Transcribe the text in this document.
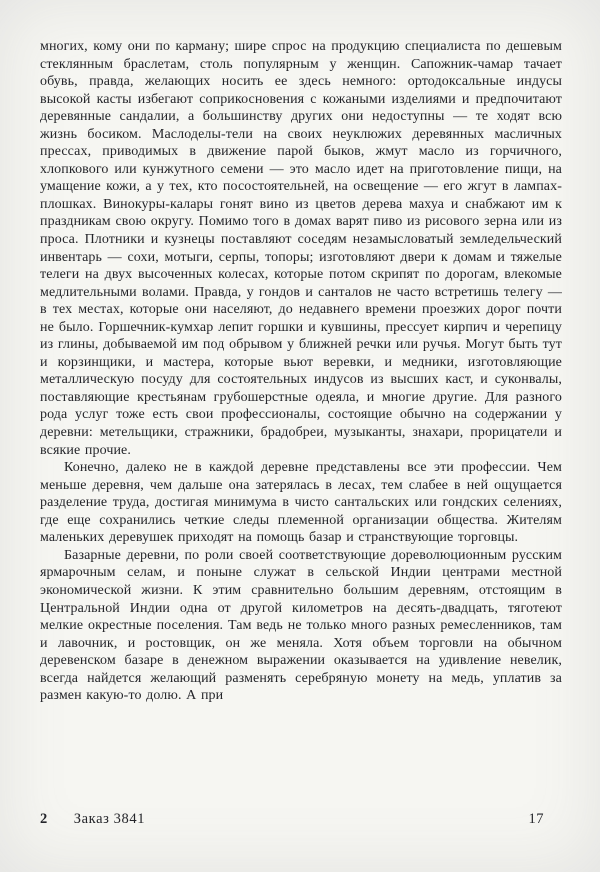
многих, кому они по карману; шире спрос на продукцию специалиста по дешевым стеклянным браслетам, столь популярным у женщин. Сапожник-чамар тачает обувь, правда, желающих носить ее здесь немного: ортодоксальные индусы высокой касты избегают соприкосновения с кожаными изделиями и предпочитают деревянные сандалии, а большинству других они недоступны — те ходят всю жизнь босиком. Маслоделы-тели на своих неуклюжих деревянных масличных прессах, приводимых в движение парой быков, жмут масло из горчичного, хлопкового или кунжутного семени — это масло идет на приготовление пищи, на умащение кожи, а у тех, кто посостоятельней, на освещение — его жгут в лампах-плошках. Винокуры-калары гонят вино из цветов дерева махуа и снабжают им к праздникам свою округу. Помимо того в домах варят пиво из рисового зерна или из проса. Плотники и кузнецы поставляют соседям незамысловатый земледельческий инвентарь — сохи, мотыги, серпы, топоры; изготовляют двери к домам и тяжелые телеги на двух высоченных колесах, которые потом скрипят по дорогам, влекомые медлительными волами. Правда, у гондов и санталов не часто встретишь телегу — в тех местах, которые они населяют, до недавнего времени проезжих дорог почти не было. Горшечник-кумхар лепит горшки и кувшины, прессует кирпич и черепицу из глины, добываемой им под обрывом у ближней речки или ручья. Могут быть тут и корзинщики, и мастера, которые вьют веревки, и медники, изготовляющие металлическую посуду для состоятельных индусов из высших каст, и суконвалы, поставляющие крестьянам грубошерстные одеяла, и многие другие. Для разного рода услуг тоже есть свои профессионалы, состоящие обычно на содержании у деревни: метельщики, стражники, брадобреи, музыканты, знахари, прорицатели и всякие прочие.

Конечно, далеко не в каждой деревне представлены все эти профессии. Чем меньше деревня, чем дальше она затерялась в лесах, тем слабее в ней ощущается разделение труда, достигая минимума в чисто сантальских или гондских селениях, где еще сохранились четкие следы племенной организации общества. Жителям маленьких деревушек приходят на помощь базар и странствующие торговцы.

Базарные деревни, по роли своей соответствующие дореволюционным русским ярмарочным селам, и поныне служат в сельской Индии центрами местной экономической жизни. К этим сравнительно большим деревням, отстоящим в Центральной Индии одна от другой километров на десять-двадцать, тяготеют мелкие окрестные поселения. Там ведь не только много разных ремесленников, там и лавочник, и ростовщик, он же меняла. Хотя объем торговли на обычном деревенском базаре в денежном выражении оказывается на удивление невелик, всегда найдется желающий разменять серебряную монету на медь, уплатив за размен какую-то долю. А при

2 Заказ 3841	17
